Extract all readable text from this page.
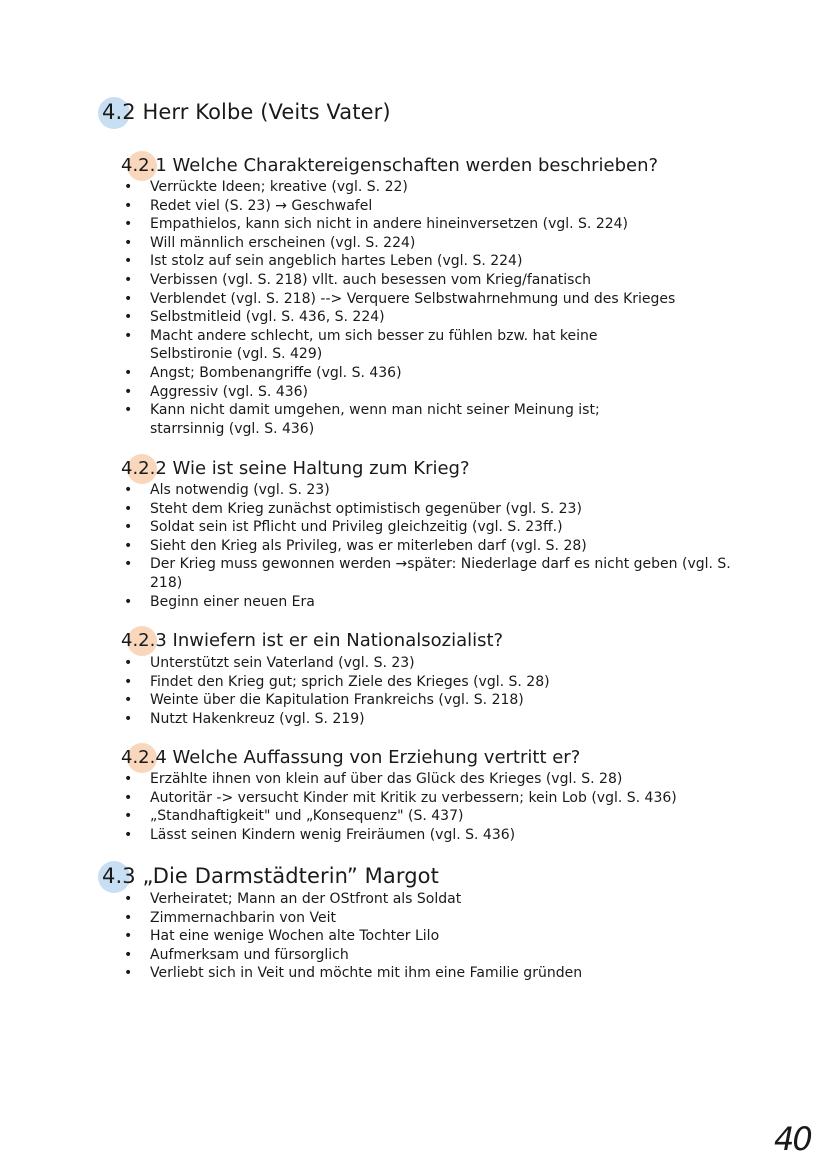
4.2 Herr Kolbe (Veits Vater)
4.2.1 Welche Charaktereigenschaften werden beschrieben?
• Verrückte Ideen; kreative (vgl. S. 22)
• Redet viel (S. 23) → Geschwafel
• Empathielos, kann sich nicht in andere hineinversetzen (vgl. S. 224)
• Will männlich erscheinen (vgl. S. 224)
• Ist stolz auf sein angeblich hartes Leben (vgl. S. 224)
• Verbissen (vgl. S. 218) vllt. auch besessen vom Krieg/fanatisch
• Verblendet (vgl. S. 218) --> Verquere Selbstwahrnehmung und des Krieges
• Selbstmitleid (vgl. S. 436, S. 224)
• Macht andere schlecht, um sich besser zu fühlen bzw. hat keine Selbstironie (vgl. S. 429)
• Angst; Bombenangriffe (vgl. S. 436)
• Aggressiv (vgl. S. 436)
• Kann nicht damit umgehen, wenn man nicht seiner Meinung ist; starrsinnig (vgl. S. 436)
4.2.2 Wie ist seine Haltung zum Krieg?
• Als notwendig (vgl. S. 23)
• Steht dem Krieg zunächst optimistisch gegenüber (vgl. S. 23)
• Soldat sein ist Pflicht und Privileg gleichzeitig (vgl. S. 23ff.)
• Sieht den Krieg als Privileg, was er miterleben darf (vgl. S. 28)
• Der Krieg muss gewonnen werden →später: Niederlage darf es nicht geben (vgl. S. 218)
• Beginn einer neuen Era
4.2.3 Inwiefern ist er ein Nationalsozialist?
• Unterstützt sein Vaterland (vgl. S. 23)
• Findet den Krieg gut; sprich Ziele des Krieges (vgl. S. 28)
• Weinte über die Kapitulation Frankreichs (vgl. S. 218)
• Nutzt Hakenkreuz (vgl. S. 219)
4.2.4 Welche Auffassung von Erziehung vertritt er?
• Erzählte ihnen von klein auf über das Glück des Krieges (vgl. S. 28)
• Autoritär -> versucht Kinder mit Kritik zu verbessern; kein Lob (vgl. S. 436)
• „Standhaftigkeit" und „Konsequenz" (S. 437)
• Lässt seinen Kindern wenig Freiräumen (vgl. S. 436)
4.3 „Die Darmstädterin” Margot
• Verheiratet; Mann an der OStfront als Soldat
• Zimmernachbarin von Veit
• Hat eine wenige Wochen alte Tochter Lilo
• Aufmerksam und fürsorglich
• Verliebt sich in Veit und möchte mit ihm eine Familie gründen
40
